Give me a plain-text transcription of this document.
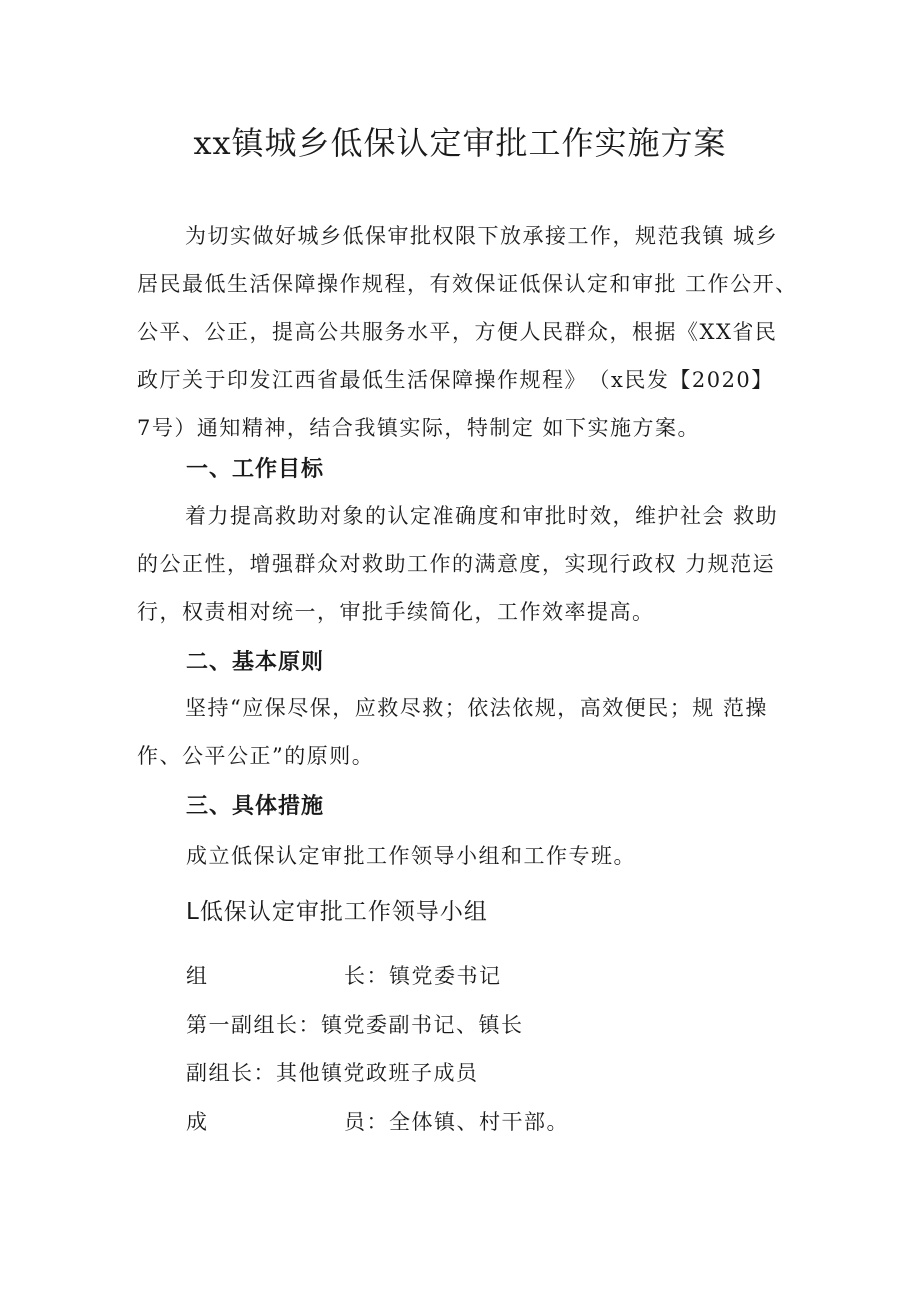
xx镇城乡低保认定审批工作实施方案

为切实做好城乡低保审批权限下放承接工作，规范我镇 城乡
居民最低生活保障操作规程，有效保证低保认定和审批 工作公开、
公平、公正，提高公共服务水平，方便人民群众，根据《XX省民
政厅关于印发江西省最低生活保障操作规程》　（x民发【2020】
7号）通知精神，结合我镇实际，特制定 如下实施方案。

一、工作目标

着力提高救助对象的认定准确度和审批时效，维护社会 救助
的公正性，增强群众对救助工作的满意度，实现行政权 力规范运
行，权责相对统一，审批手续简化，工作效率提高。

二、基本原则

坚持“应保尽保，应救尽救；依法依规，高效便民；规 范操
作、公平公正”的原则。

三、具体措施
成立低保认定审批工作领导小组和工作专班。
L低保认定审批工作领导小组
组	长：镇党委书记
第一副组长：镇党委副书记、镇长
副组长：其他镇党政班子成员
成	员：全体镇、村干部。
